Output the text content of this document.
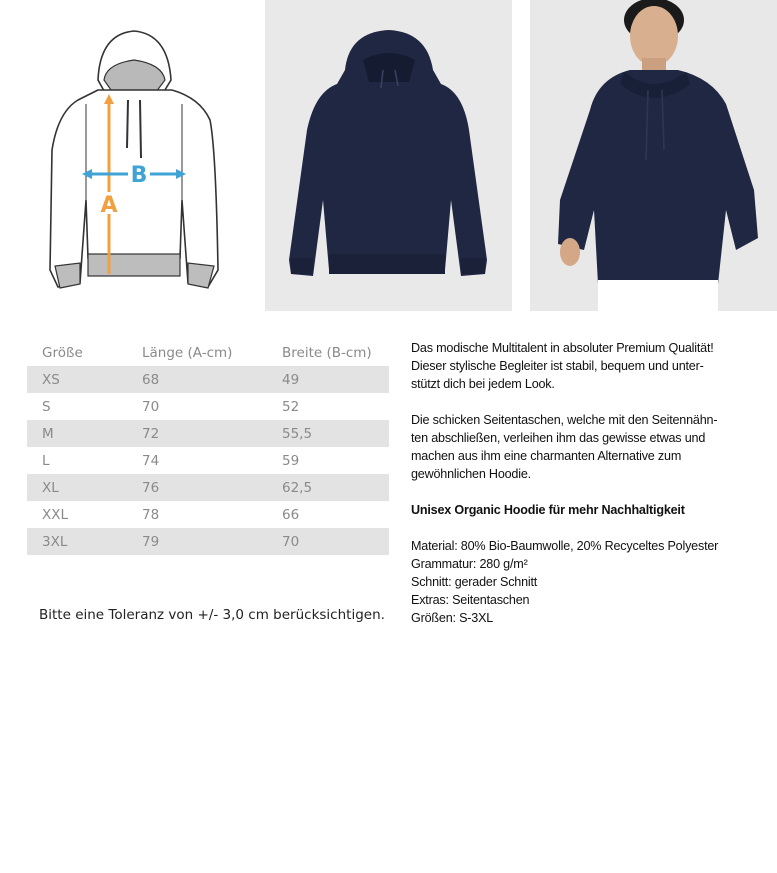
A
B
Größe	Länge (A-cm)	Breite (B-cm)
XS	68	49
S	70	52
M	72	55,5
L	74	59
XL	76	62,5
XXL	78	66
3XL	79	70
Bitte eine Toleranz von +/- 3,0 cm berücksichtigen.

Das modische Multitalent in absoluter Premium Qualität!

Dieser stylische Begleiter ist stabil, bequem und unter-

stützt dich bei jedem Look.

Die schicken Seitentaschen, welche mit den Seitennähn-

ten abschließen, verleihen ihm das gewisse etwas und

machen aus ihm eine charmanten Alternative zum

gewöhnlichen Hoodie.

Unisex Organic Hoodie für mehr Nachhaltigkeit

Material: 80% Bio-Baumwolle, 20% Recyceltes Polyester

Grammatur: 280 g/m²

Schnitt: gerader Schnitt

Extras: Seitentaschen

Größen: S-3XL
